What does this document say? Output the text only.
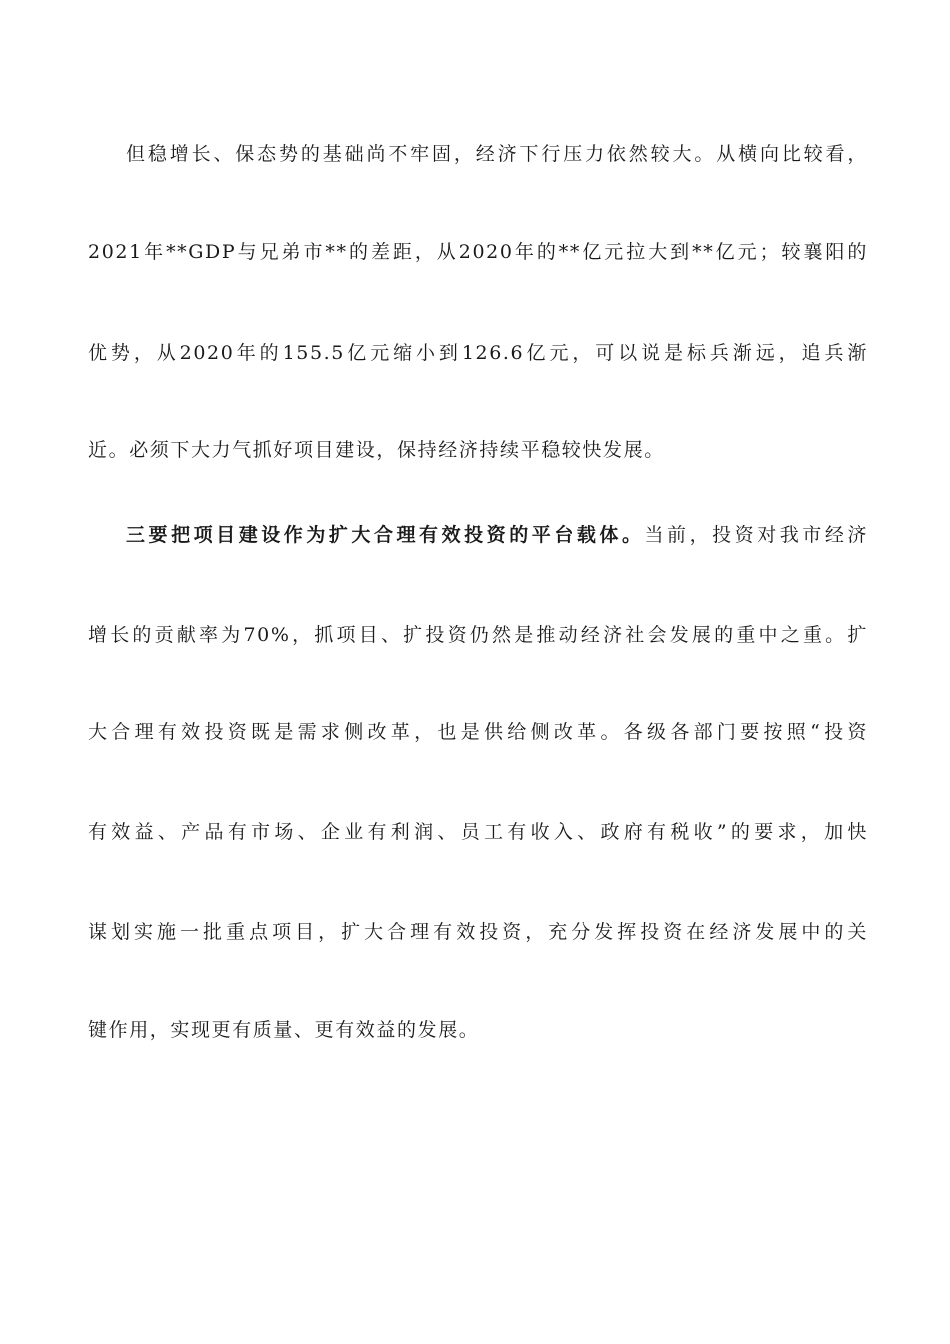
但稳增长、保态势的基础尚不牢固，经济下行压力依然较大。从横向比较看，
2021年**GDP与兄弟市**的差距，从2020年的**亿元拉大到**亿元；较襄阳的
优势，从2020年的155.5亿元缩小到126.6亿元，可以说是标兵渐远，追兵渐
近。必须下大力气抓好项目建设，保持经济持续平稳较快发展。
三要把项目建设作为扩大合理有效投资的平台载体。当前，投资对我市经济
增长的贡献率为70%，抓项目、扩投资仍然是推动经济社会发展的重中之重。扩
大合理有效投资既是需求侧改革，也是供给侧改革。各级各部门要按照“投资
有效益、产品有市场、企业有利润、员工有收入、政府有税收”的要求，加快
谋划实施一批重点项目，扩大合理有效投资，充分发挥投资在经济发展中的关
键作用，实现更有质量、更有效益的发展。
